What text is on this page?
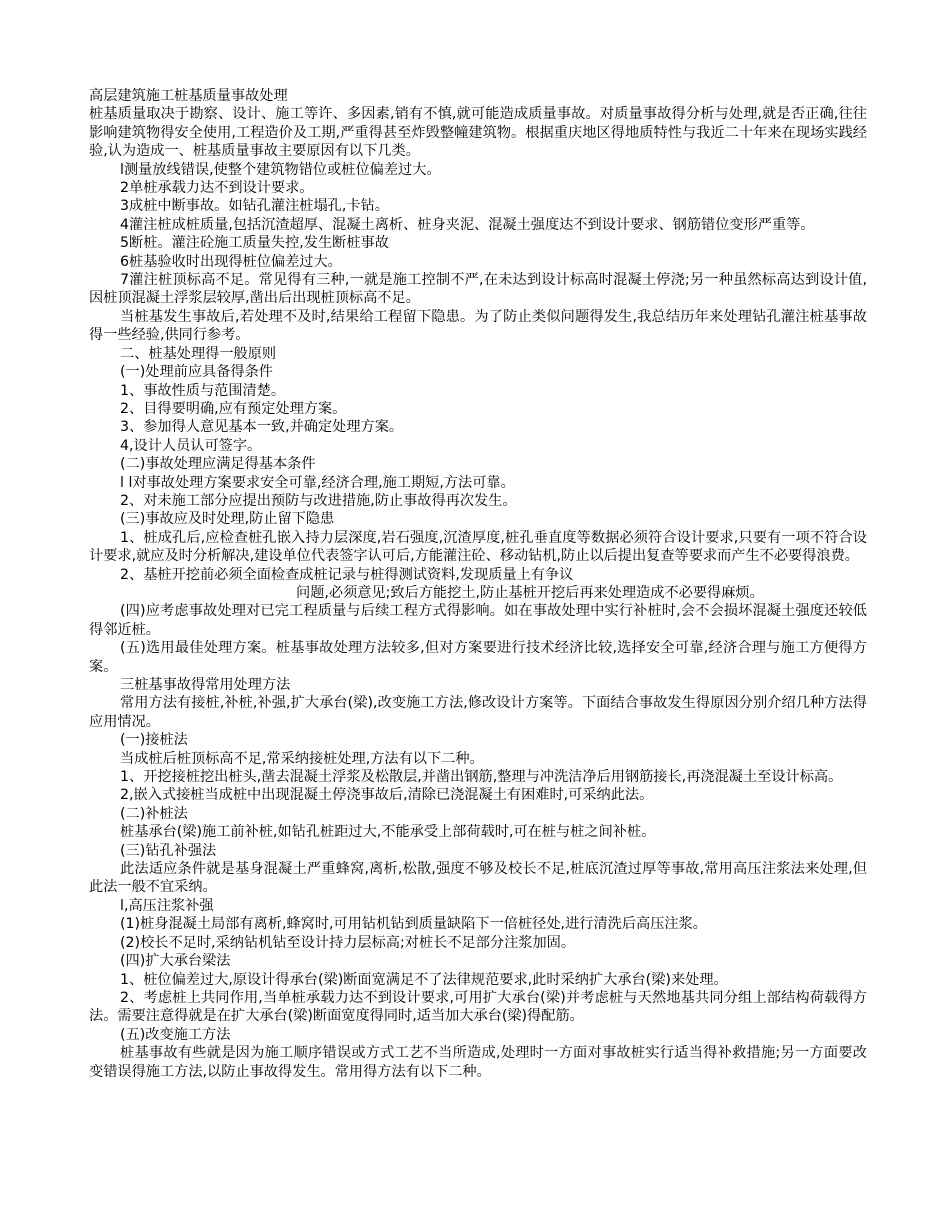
高层建筑施工桩基质量事故处理

桩基质量取决于勘察、设计、施工等许、多因素,销有不慎,就可能造成质量事故。对质量事故得分析与处理,就是否正确,往往影响建筑物得安全使用,工程造价及工期,严重得甚至炸毁整幢建筑物。根据重庆地区得地质特性与我近二十年来在现场实践经验,认为造成一、桩基质量事故主要原因有以下几类。

l测量放线错误,使整个建筑物错位或桩位偏差过大。

2单桩承载力达不到设计要求。

3成桩中断事故。如钻孔灌注桩塌孔,卡钻。

4灌注桩成桩质量,包括沉渣超厚、混凝土离析、桩身夹泥、混凝土强度达不到设计要求、钢筋错位变形严重等。

5断桩。灌注砼施工质量失控,发生断桩事故

6桩基验收时出现得桩位偏差过大。

7灌注桩顶标高不足。常见得有三种,一就是施工控制不严,在未达到设计标高时混凝土停浇;另一种虽然标高达到设计值,因桩顶混凝土浮浆层较厚,凿出后出现桩顶标高不足。

当桩基发生事故后,若处理不及时,结果给工程留下隐患。为了防止类似问题得发生,我总结历年来处理钻孔灌注桩基事故得一些经验,供同行参考。

二、桩基处理得一般原则

(一)处理前应具备得条件

1、事故性质与范围清楚。

2、目得要明确,应有预定处理方案。

3、参加得人意见基本一致,并确定处理方案。

4,设计人员认可签字。

(二)事故处理应满足得基本条件

l l对事故处理方案要求安全可靠,经济合理,施工期短,方法可靠。

2、对未施工部分应提出预防与改进措施,防止事故得再次发生。

(三)事故应及时处理,防止留下隐患

1、桩成孔后,应检查桩孔嵌入持力层深度,岩石强度,沉渣厚度,桩孔垂直度等数据必须符合设计要求,只要有一项不符合设计要求,就应及时分析解决,建设单位代表签字认可后,方能灌注砼、移动钻机,防止以后提出复查等要求而产生不必要得浪费。

2、基桩开挖前必须全面检查成桩记录与桩得测试资料,发现质量上有争议

问题,必须意见;致后方能挖土,防止基桩开挖后再来处理造成不必要得麻烦。

(四)应考虑事故处理对已完工程质量与后续工程方式得影响。如在事故处理中实行补桩时,会不会损坏混凝土强度还较低得邻近桩。

(五)选用最佳处理方案。桩基事故处理方法较多,但对方案要进行技术经济比较,选择安全可靠,经济合理与施工方便得方案。

三桩基事故得常用处理方法

常用方法有接桩,补桩,补强,扩大承台(梁),改变施工方法,修改设计方案等。下面结合事故发生得原因分别介绍几种方法得应用情况。

(一)接桩法

当成桩后桩顶标高不足,常采纳接桩处理,方法有以下二种。

1、开挖接桩挖出桩头,凿去混凝土浮浆及松散层,并凿出钢筋,整理与冲洗洁净后用钢筋接长,再浇混凝土至设计标高。

2,嵌入式接桩当成桩中出现混凝土停浇事故后,清除已浇混凝土有困难时,可采纳此法。

(二)补桩法

桩基承台(梁)施工前补桩,如钻孔桩距过大,不能承受上部荷载时,可在桩与桩之间补桩。

(三)钻孔补强法

此法适应条件就是基身混凝土严重蜂窝,离析,松散,强度不够及校长不足,桩底沉渣过厚等事故,常用高压注浆法来处理,但此法一般不宜采纳。

l,高压注浆补强

(1)桩身混凝土局部有离析,蜂窝时,可用钻机钻到质量缺陷下一倍桩径处,进行清洗后高压注浆。

(2)校长不足时,采纳钻机钻至设计持力层标高;对桩长不足部分注浆加固。

(四)扩大承台梁法

1、桩位偏差过大,原设计得承台(梁)断面宽满足不了法律规范要求,此时采纳扩大承台(梁)来处理。

2、考虑桩上共同作用,当单桩承载力达不到设计要求,可用扩大承台(梁)并考虑桩与天然地基共同分组上部结构荷载得方法。需要注意得就是在扩大承台(梁)断面宽度得同时,适当加大承台(梁)得配筋。

(五)改变施工方法

桩基事故有些就是因为施工顺序错误或方式工艺不当所造成,处理时一方面对事故桩实行适当得补救措施;另一方面要改变错误得施工方法,以防止事故得发生。常用得方法有以下二种。
